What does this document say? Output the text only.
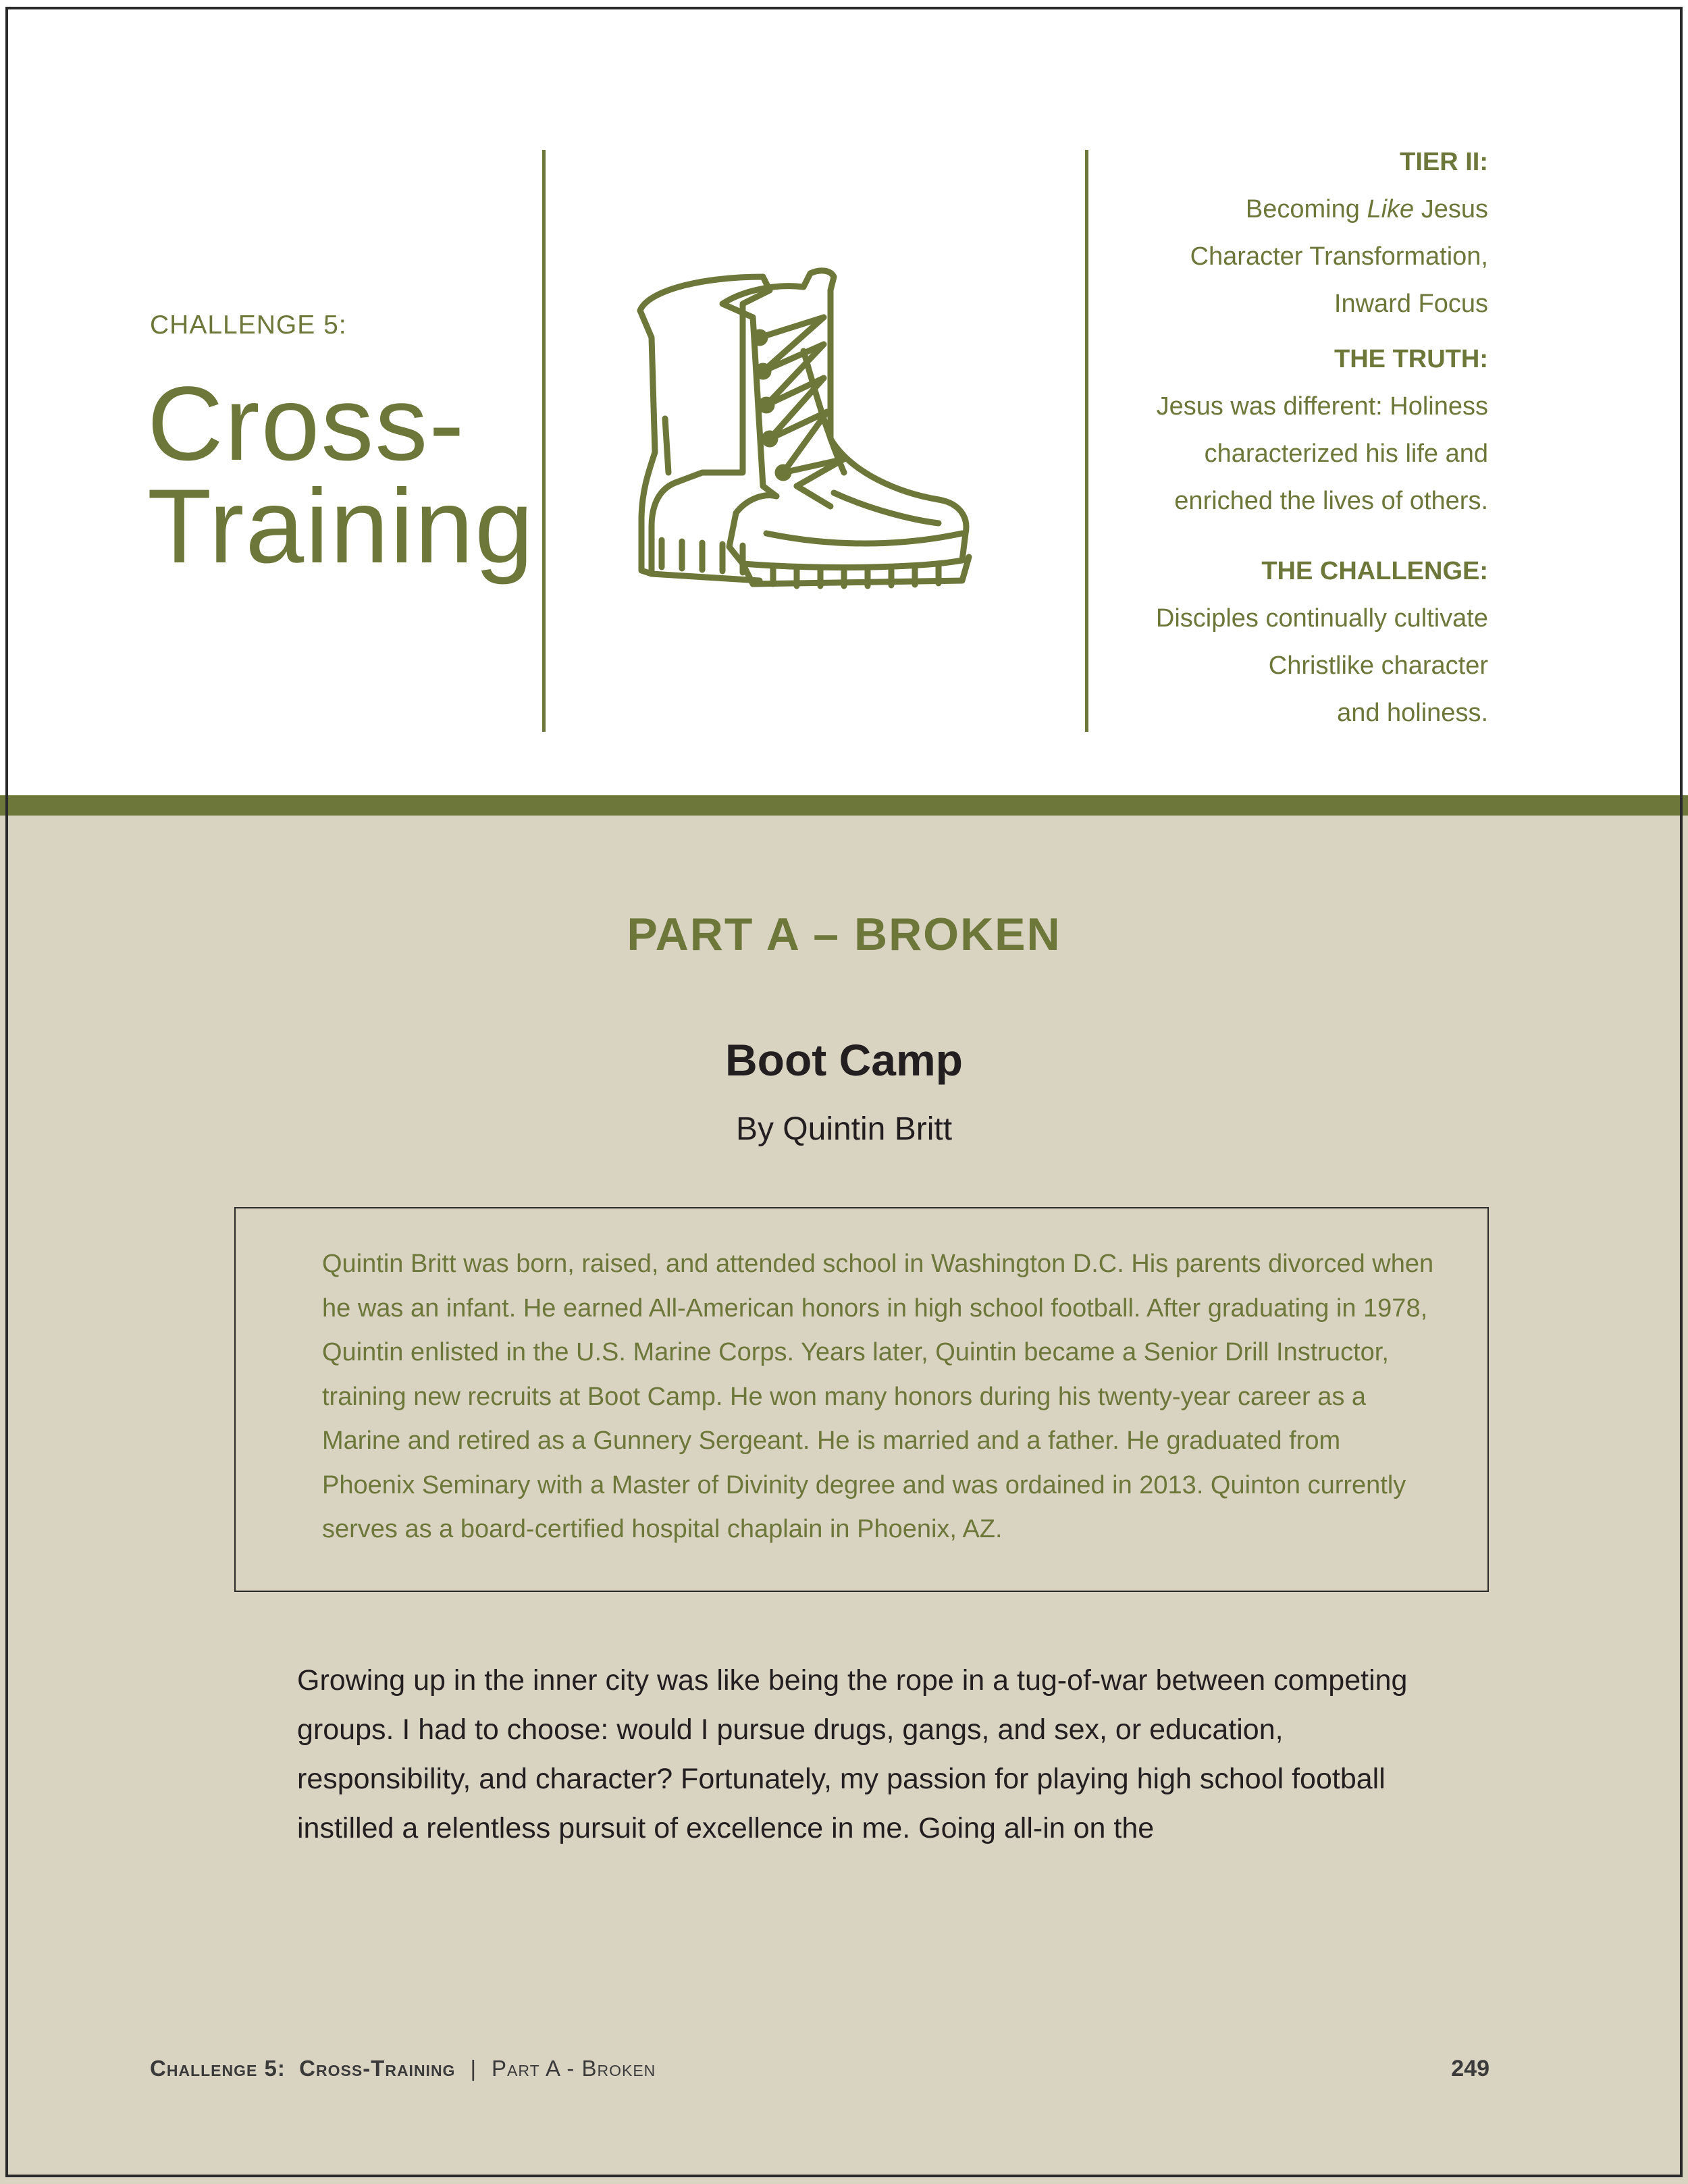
CHALLENGE 5:
Cross-
Training
TIER II:
Becoming Like Jesus
Character Transformation,
Inward Focus
THE TRUTH:
Jesus was different: Holiness
characterized his life and
enriched the lives of others.
THE CHALLENGE:
Disciples continually cultivate
Christlike character
and holiness.
PART A – BROKEN
Boot Camp
By Quintin Britt

Quintin Britt was born, raised, and attended school in Washington D.C. His parents divorced when he was an infant. He earned All-American honors in high school football. After graduating in 1978, Quintin enlisted in the U.S. Marine Corps. Years later, Quintin became a Senior Drill Instructor, training new recruits at Boot Camp. He won many honors during his twenty-year career as a Marine and retired as a Gunnery Sergeant. He is married and a father. He graduated from Phoenix Seminary with a Master of Divinity degree and was ordained in 2013. Quinton currently serves as a board-certified hospital chaplain in Phoenix, AZ.

Growing up in the inner city was like being the rope in a tug-of-war between competing groups. I had to choose: would I pursue drugs, gangs, and sex, or education, responsibility, and character? Fortunately, my passion for playing high school football instilled a relentless pursuit of excellence in me. Going all-in on the

Challenge 5:  Cross-Training | Part A - Broken	249
